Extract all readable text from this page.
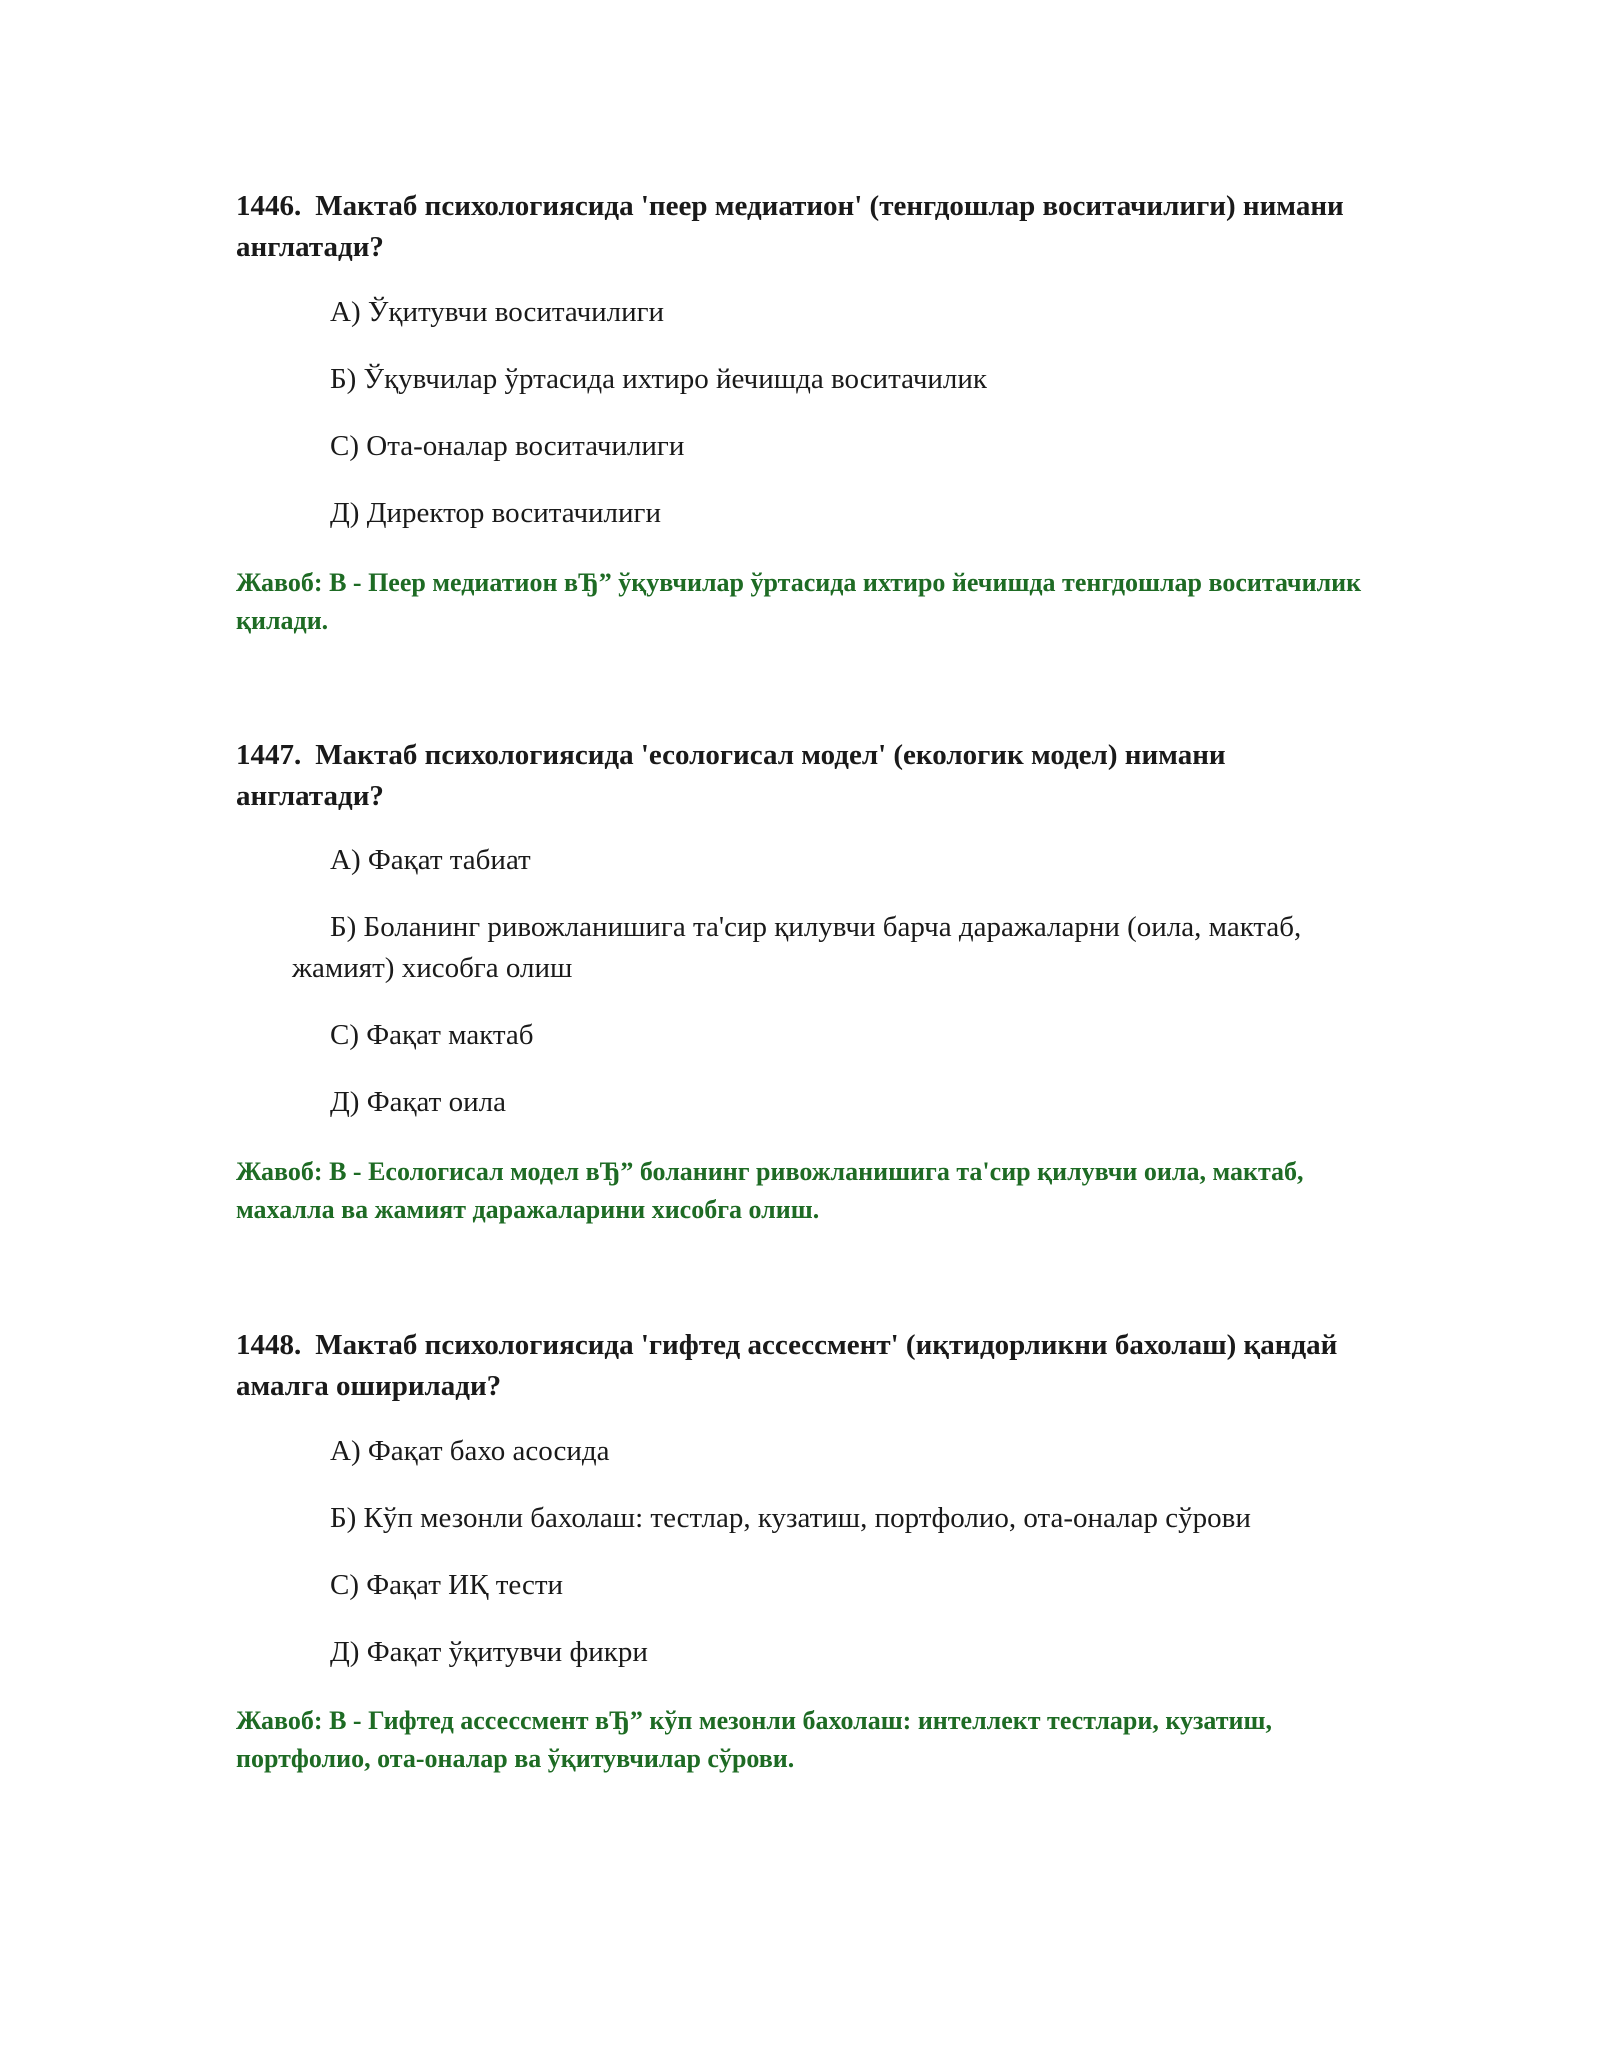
1446. Мактаб психологиясида 'пеер медиатион' (тенгдошлар воситачилиги) нимани англатади?

А) Ўқитувчи воситачилиги

Б) Ўқувчилар ўртасида ихтиро йечишда воситачилик

С) Ота-оналар воситачилиги

Д) Директор воситачилиги

Жавоб: В - Пеер медиатион вЂ” ўқувчилар ўртасида ихтиро йечишда тенгдошлар воситачилик қилади.

1447. Мактаб психологиясида 'есологисал модел' (екологик модел) нимани англатади?

А) Фақат табиат

Б) Боланинг ривожланишига та'сир қилувчи барча даражаларни (оила, мактаб, жамият) хисобга олиш

С) Фақат мактаб

Д) Фақат оила

Жавоб: В - Есологисал модел вЂ” боланинг ривожланишига та'сир қилувчи оила, мактаб, махалла ва жамият даражаларини хисобга олиш.

1448. Мактаб психологиясида 'гифтед ассессмент' (иқтидорликни бахолаш) қандай амалга оширилади?

А) Фақат бахо асосида

Б) Кўп мезонли бахолаш: тестлар, кузатиш, портфолио, ота-оналар сўрови

С) Фақат ИҚ тести

Д) Фақат ўқитувчи фикри

Жавоб: В - Гифтед ассессмент вЂ” кўп мезонли бахолаш: интеллект тестлари, кузатиш, портфолио, ота-оналар ва ўқитувчилар сўрови.
